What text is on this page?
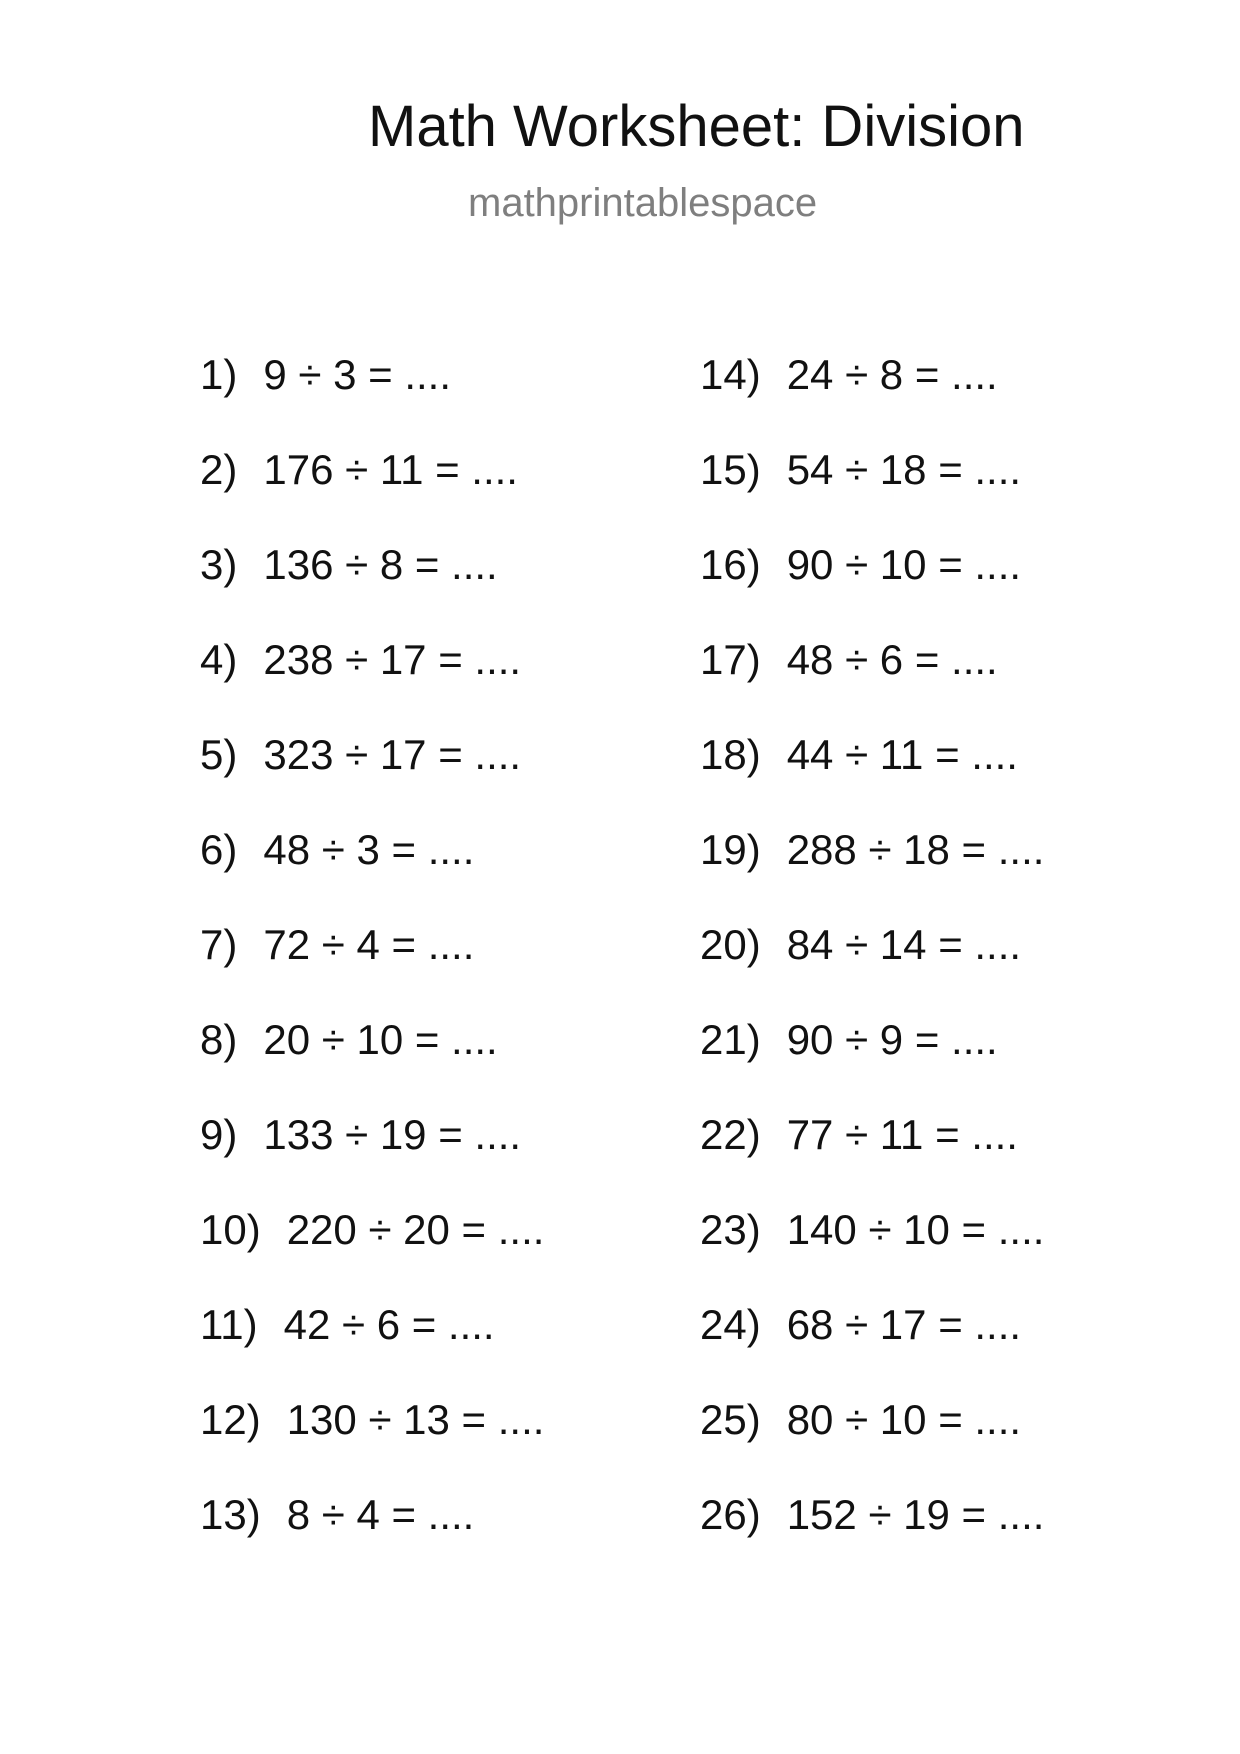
Math Worksheet: Division
mathprintablespace
1) 9 ÷ 3 = ....
2) 176 ÷ 11 = ....
3) 136 ÷ 8 = ....
4) 238 ÷ 17 = ....
5) 323 ÷ 17 = ....
6) 48 ÷ 3 = ....
7) 72 ÷ 4 = ....
8) 20 ÷ 10 = ....
9) 133 ÷ 19 = ....
10) 220 ÷ 20 = ....
11) 42 ÷ 6 = ....
12) 130 ÷ 13 = ....
13) 8 ÷ 4 = ....
14) 24 ÷ 8 = ....
15) 54 ÷ 18 = ....
16) 90 ÷ 10 = ....
17) 48 ÷ 6 = ....
18) 44 ÷ 11 = ....
19) 288 ÷ 18 = ....
20) 84 ÷ 14 = ....
21) 90 ÷ 9 = ....
22) 77 ÷ 11 = ....
23) 140 ÷ 10 = ....
24) 68 ÷ 17 = ....
25) 80 ÷ 10 = ....
26) 152 ÷ 19 = ....
